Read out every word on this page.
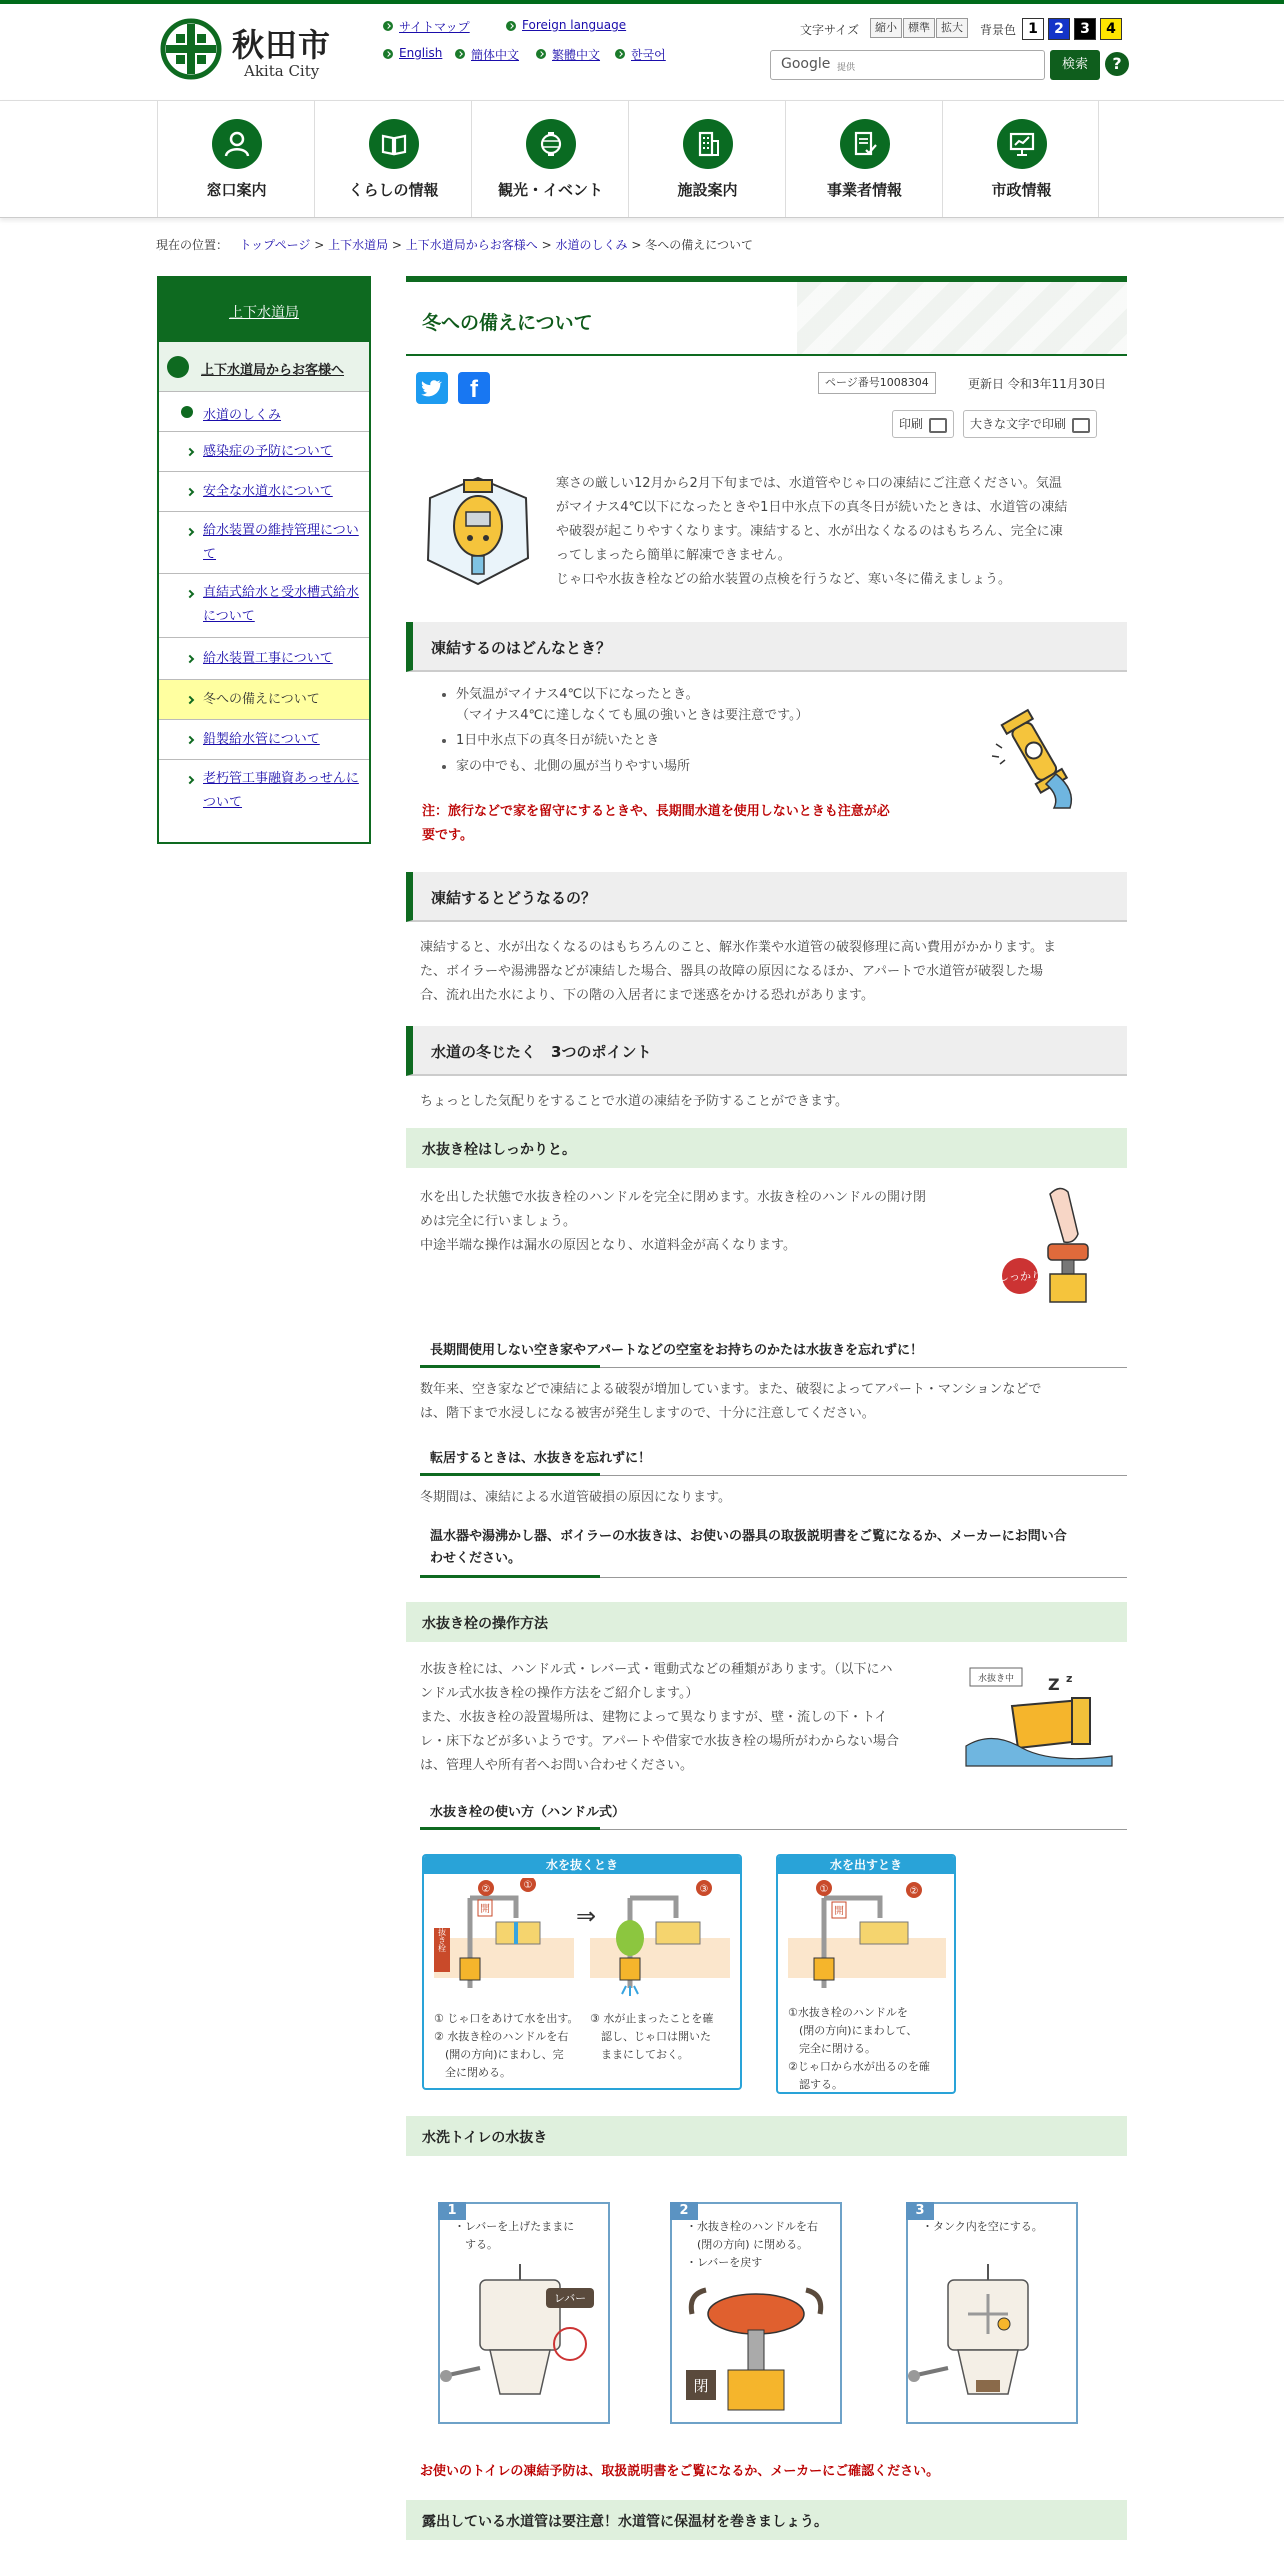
秋田市
Akita City
サイトマップ	Foreign language
English	簡体中文	繁體中文	한국어
文字サイズ	縮小	標準	拡大	背景色 1	2	3	4
Google 提供	検索	?
窓口案内	くらしの情報	観光・イベント	施設案内	事業者情報	市政情報
現在の位置： トップページ > 上下水道局 > 上下水道局からお客様へ > 水道のしくみ > 冬への備えについて
上下水道局
上下水道局からお客様へ
水道のしくみ
感染症の予防について
安全な水道水について
給水装置の維持管理について
直結式給水と受水槽式給水について
給水装置工事について
冬への備えについて
鉛製給水管について
老朽管工事融資あっせんについて
冬への備えについて
f	ページ番号1008304	更新日 令和3年11月30日
印刷	大きな文字で印刷
寒さの厳しい12月から2月下旬までは、水道管やじゃ口の凍結にご注意ください。気温
がマイナス4℃以下になったときや1日中氷点下の真冬日が続いたときは、水道管の凍結
や破裂が起こりやすくなります。凍結すると、水が出なくなるのはもちろん、完全に凍
ってしまったら簡単に解凍できません。
じゃ口や水抜き栓などの給水装置の点検を行うなど、寒い冬に備えましょう。
凍結するのはどんなとき？
外気温がマイナス4℃以下になったとき。
（マイナス4℃に達しなくても風の強いときは要注意です。）
1日中氷点下の真冬日が続いたとき
家の中でも、北側の風が当りやすい場所
注：旅行などで家を留守にするときや、長期間水道を使用しないときも注意が必
要です。
凍結するとどうなるの？
凍結すると、水が出なくなるのはもちろんのこと、解氷作業や水道管の破裂修理に高い費用がかかります。ま
た、ボイラーや湯沸器などが凍結した場合、器具の故障の原因になるほか、アパートで水道管が破裂した場
合、流れ出た水により、下の階の入居者にまで迷惑をかける恐れがあります。
水道の冬じたく　3つのポイント
ちょっとした気配りをすることで水道の凍結を予防することができます。
水抜き栓はしっかりと。
水を出した状態で水抜き栓のハンドルを完全に閉めます。水抜き栓のハンドルの開け閉
めは完全に行いましょう。
中途半端な操作は漏水の原因となり、水道料金が高くなります。
しっかり
長期間使用しない空き家やアパートなどの空室をお持ちのかたは水抜きを忘れずに！
数年来、空き家などで凍結による破裂が増加しています。また、破裂によってアパート・マンションなどで
は、階下まで水浸しになる被害が発生しますので、十分に注意してください。
転居するときは、水抜きを忘れずに！
冬期間は、凍結による水道管破損の原因になります。
温水器や湯沸かし器、ボイラーの水抜きは、お使いの器具の取扱説明書をご覧になるか、メーカーにお問い合
わせください。
水抜き栓の操作方法
水抜き栓には、ハンドル式・レバー式・電動式などの種類があります。（以下にハ
ンドル式水抜き栓の操作方法をご紹介します。）
また、水抜き栓の設置場所は、建物によって異なりますが、壁・流しの下・トイ
レ・床下などが多いようです。アパートや借家で水抜き栓の場所がわからない場合
は、管理人や所有者へお問い合わせください。
水抜き中 Z z
水抜き栓の使い方（ハンドル式）
水を抜くとき
水抜き栓
⇒
②	①	③
開
① じゃ口をあけて水を出す。
② 水抜き栓のハンドルを右
　(開の方向)にまわし、完
　全に閉める。
③ 水が止まったことを確
　認し、じゃ口は開いた
　ままにしておく。
水を出すとき
①	②
開
①水抜き栓のハンドルを
　(閉の方向)にまわして、
　完全に閉ける。
②じゃ口から水が出るのを確
　認する。
水洗トイレの水抜き
1
・レバーを上げたままに
　する。
レバー
2
・水抜き栓のハンドルを右
　(閉の方向) に閉める。
・レバーを戻す
閉
3
・タンク内を空にする。
お使いのトイレの凍結予防は、取扱説明書をご覧になるか、メーカーにご確認ください。
露出している水道管は要注意！水道管に保温材を巻きましょう。
